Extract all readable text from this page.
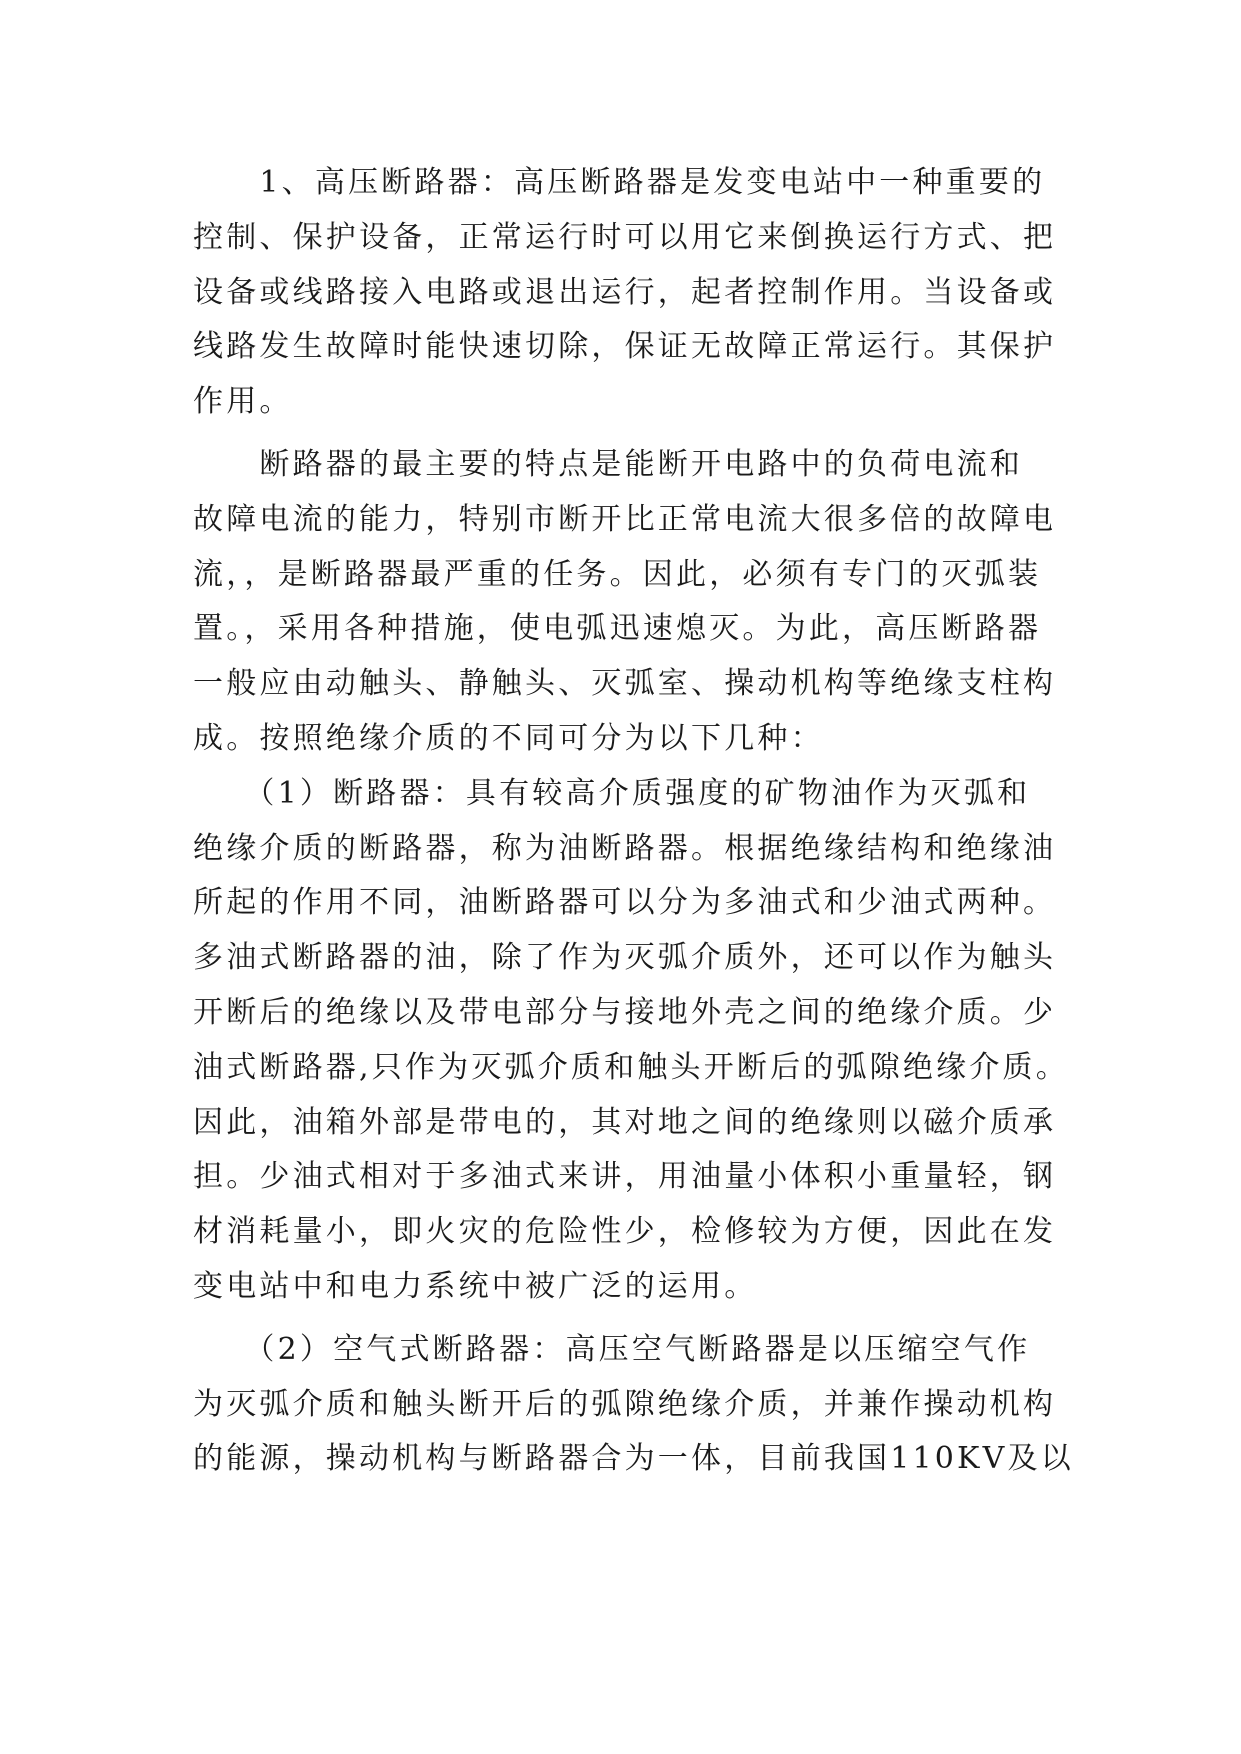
　　1、高压断路器：高压断路器是发变电站中一种重要的
控制、保护设备，正常运行时可以用它来倒换运行方式、把
设备或线路接入电路或退出运行，起者控制作用。当设备或
线路发生故障时能快速切除，保证无故障正常运行。其保护
作用。
　　断路器的最主要的特点是能断开电路中的负荷电流和
故障电流的能力，特别市断开比正常电流大很多倍的故障电
流，，是断路器最严重的任务。因此，必须有专门的灭弧装
置。，采用各种措施，使电弧迅速熄灭。为此，高压断路器
一般应由动触头、静触头、灭弧室、操动机构等绝缘支柱构
成。按照绝缘介质的不同可分为以下几种：
　　（1）断路器：具有较高介质强度的矿物油作为灭弧和
绝缘介质的断路器，称为油断路器。根据绝缘结构和绝缘油
所起的作用不同，油断路器可以分为多油式和少油式两种。
多油式断路器的油，除了作为灭弧介质外，还可以作为触头
开断后的绝缘以及带电部分与接地外壳之间的绝缘介质。少
油式断路器,只作为灭弧介质和触头开断后的弧隙绝缘介质。
因此，油箱外部是带电的，其对地之间的绝缘则以磁介质承
担。少油式相对于多油式来讲，用油量小体积小重量轻，钢
材消耗量小，即火灾的危险性少，检修较为方便，因此在发
变电站中和电力系统中被广泛的运用。
　　（2）空气式断路器：高压空气断路器是以压缩空气作
为灭弧介质和触头断开后的弧隙绝缘介质，并兼作操动机构
的能源，操动机构与断路器合为一体，目前我国110KV及以
